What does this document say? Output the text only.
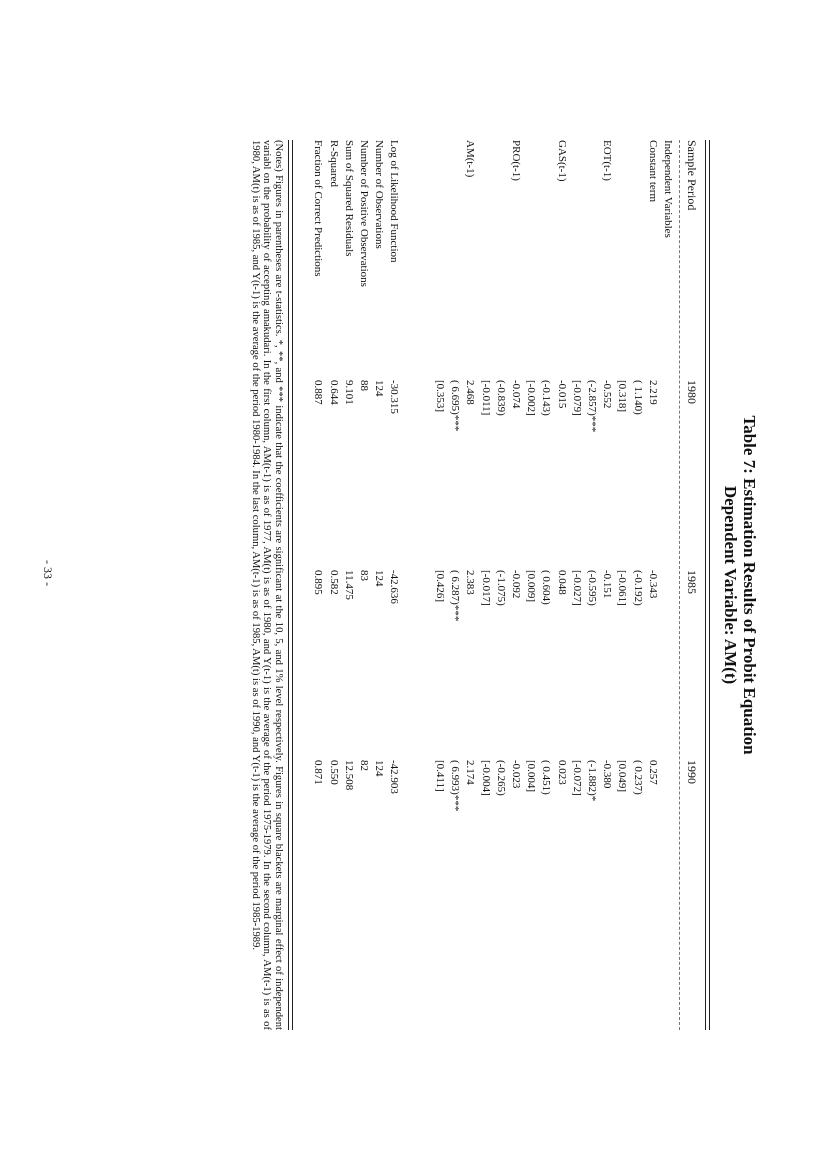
Table 7: Estimation Results of Probit Equation
Dependent Variable: AM(t)
Sample Period
1980
1985
1990
Independent Variables
Constant term
2.219
-0.343
0.257
( 1.140)
(-0.192)
( 0.237)
[0.318]
[-0.061]
[0.049]
EOT(t-1)
-0.552
-0.151
-0.380
(-2.857)***
(-0.595)
(-1.882)*
[-0.079]
[-0.027]
[-0.072]
GAS(t-1)
-0.015
0.048
0.023
(-0.143)
( 0.604)
( 0.451)
[-0.002]
[0.009]
[0.004]
PRO(t-1)
-0.074
-0.092
-0.023
(-0.839)
(-1.075)
(-0.265)
[-0.011]
[-0.017]
[-0.004]
AM(t-1)
2.468
2.383
2.174
( 6.695)***
( 6.287)***
( 6.993)***
[0.353]
[0.426]
[0.411]
Log of Likelihood Function
-30.315
-42.636
-42.903
Number of Observations
124
124
124
Number of Positive Observations
88
83
82
Sum of Squared Residuals
9.101
11.475
12.508
R-Squared
0.644
0.582
0.550
Fraction of Correct Predictions
0.887
0.895
0.871
(Notes) Figures in parentheses are t-statistics. *, **, and *** indicate that the coefficients are significant at the 10, 5, and 1% level respectively. Figures in square blackets are marginal effect of independent variabl on the probability of accepting amakudari. In the first column, AM(t-1) is as of 1977, AM(t) is as of 1980, and Y(t-1) is the average of the period 1975-1979. In the second column, AM(t-1) is as of 1980, AM(t) is as of 1985, and Y(t-1) is the average of the period 1980-1984. In the last column, AM(t-1) is as of 1985, AM(t) is as of 1990, and Y(t-1) is the average of the period 1985-1989.
- 33 -
